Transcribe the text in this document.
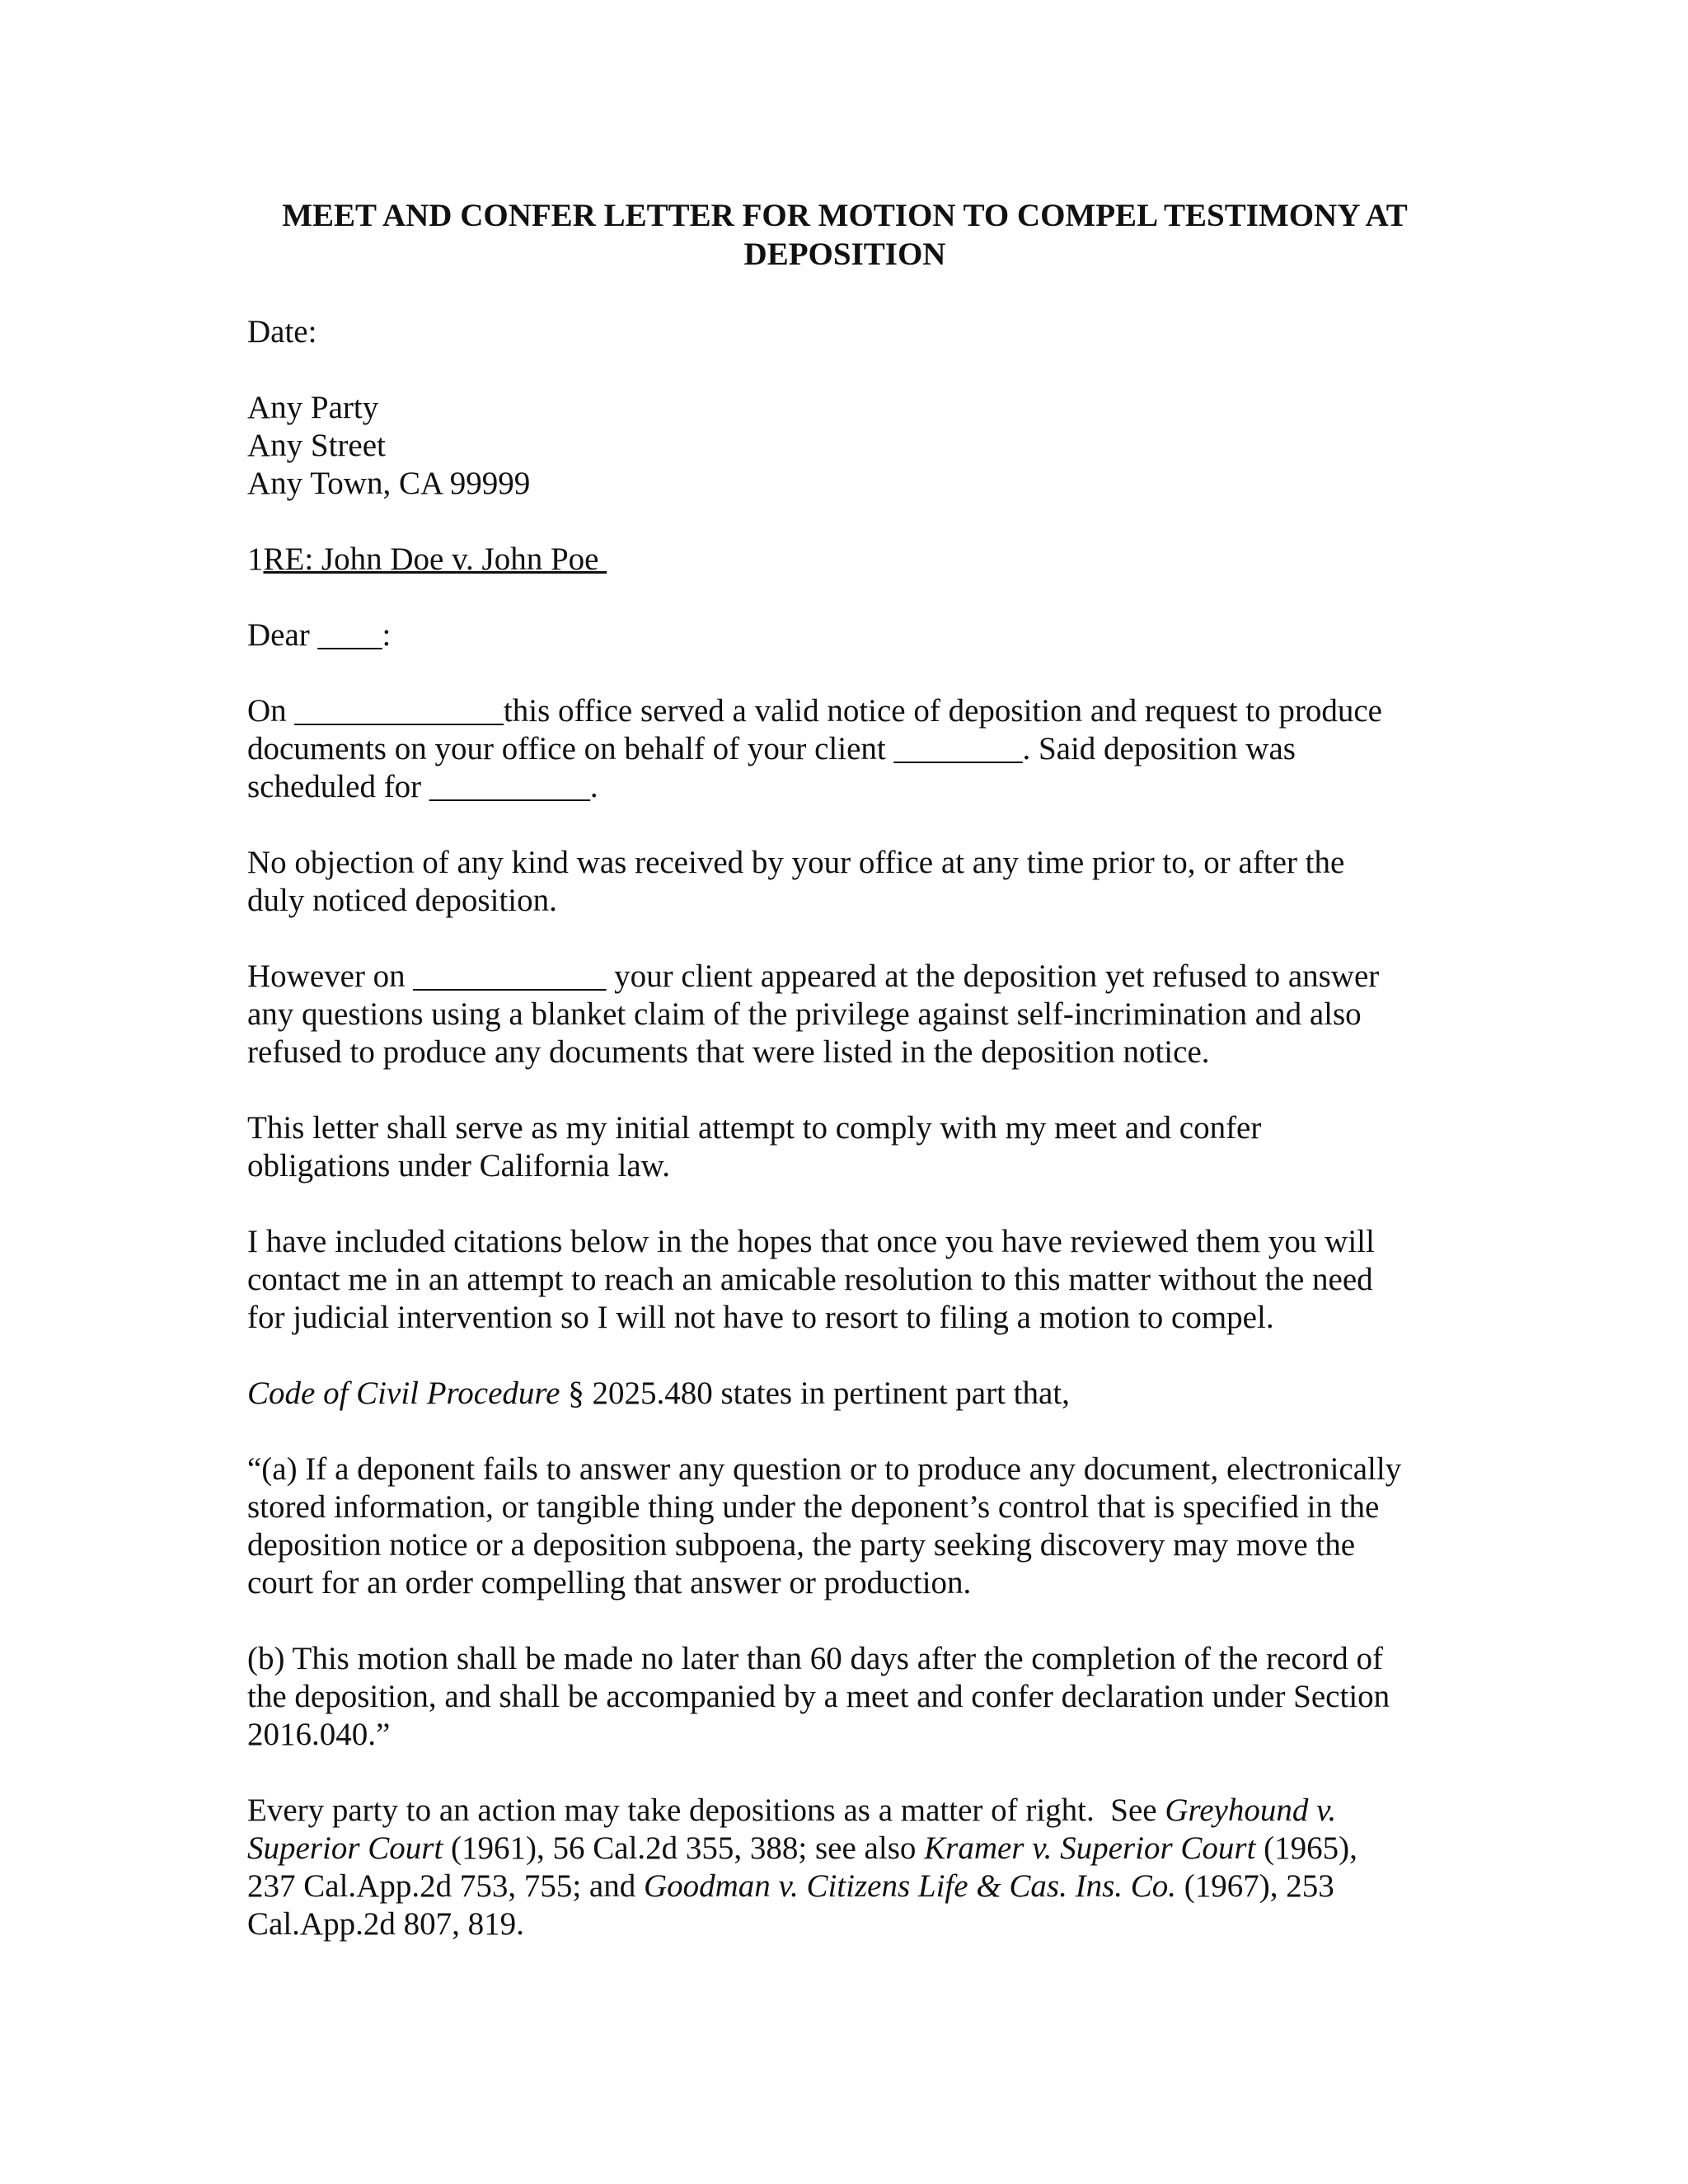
MEET AND CONFER LETTER FOR MOTION TO COMPEL TESTIMONY AT
DEPOSITION
Date:
Any Party
Any Street
Any Town, CA 99999
1RE: John Doe v. John Poe
Dear ____:
On _____________this office served a valid notice of deposition and request to produce
documents on your office on behalf of your client ________. Said deposition was
scheduled for __________.
No objection of any kind was received by your office at any time prior to, or after the
duly noticed deposition.
However on ____________ your client appeared at the deposition yet refused to answer
any questions using a blanket claim of the privilege against self-incrimination and also
refused to produce any documents that were listed in the deposition notice.
This letter shall serve as my initial attempt to comply with my meet and confer
obligations under California law.
I have included citations below in the hopes that once you have reviewed them you will
contact me in an attempt to reach an amicable resolution to this matter without the need
for judicial intervention so I will not have to resort to filing a motion to compel.
Code of Civil Procedure § 2025.480 states in pertinent part that,
“(a) If a deponent fails to answer any question or to produce any document, electronically
stored information, or tangible thing under the deponent’s control that is specified in the
deposition notice or a deposition subpoena, the party seeking discovery may move the
court for an order compelling that answer or production.
(b) This motion shall be made no later than 60 days after the completion of the record of
the deposition, and shall be accompanied by a meet and confer declaration under Section
2016.040.”
Every party to an action may take depositions as a matter of right.  See Greyhound v.
Superior Court (1961), 56 Cal.2d 355, 388; see also Kramer v. Superior Court (1965),
237 Cal.App.2d 753, 755; and Goodman v. Citizens Life & Cas. Ins. Co. (1967), 253
Cal.App.2d 807, 819.
